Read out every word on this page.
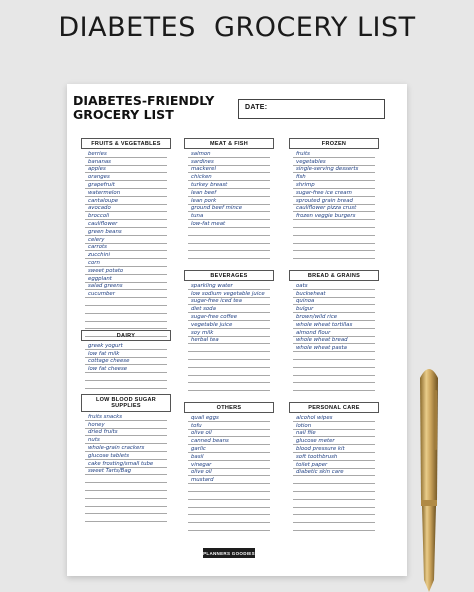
DIABETES  GROCERY LIST
DIABETES-FRIENDLY
GROCERY LIST	DATE:
FRUITS & VEGETABLES
berries
bananas
apples
oranges
grapefruit
watermelon
cantaloupe
avocado
broccoli
cauliflower
green beans
celery
carrots
zucchini
corn
sweet potato
eggplant
salad greens
cucumber
DAIRY
greek yogurt
low fat milk
cottage cheese
low fat cheese
LOW BLOOD SUGAR SUPPLIES
fruits snacks
honey
dried fruits
nuts
whole-grain crackers
glucose tablets
cake frosting/small tube
sweet Tarts/Bag
MEAT & FISH
salmon
sardines
mackerel
chicken
turkey breast
lean beef
lean pork
ground beef mince
tuna
low-fat meat
BEVERAGES
sparkling water
low sodium vegetable juice
sugar-free iced tea
diet soda
sugar-free coffee
vegetable juice
soy milk
herbal tea
OTHERS
quail eggs
tofu
olive oil
canned beans
garlic
basil
vinegar
olive oil
mustard
FROZEN
fruits
vegetables
single-serving desserts
fish
shrimp
sugar-free ice cream
sprouted grain bread
cauliflower pizza crust
frozen veggie burgers
BREAD & GRAINS
oats
buckwheat
quinoa
bulgur
brown/wild rice
whole wheat tortillas
almond flour
whole wheat bread
whole wheat pasta
PERSONAL CARE
alcohol wipes
lotion
nail file
glucose meter
blood pressure kit
soft toothbrush
toilet paper
diabetic skin care
PLANNERS GOODIES
